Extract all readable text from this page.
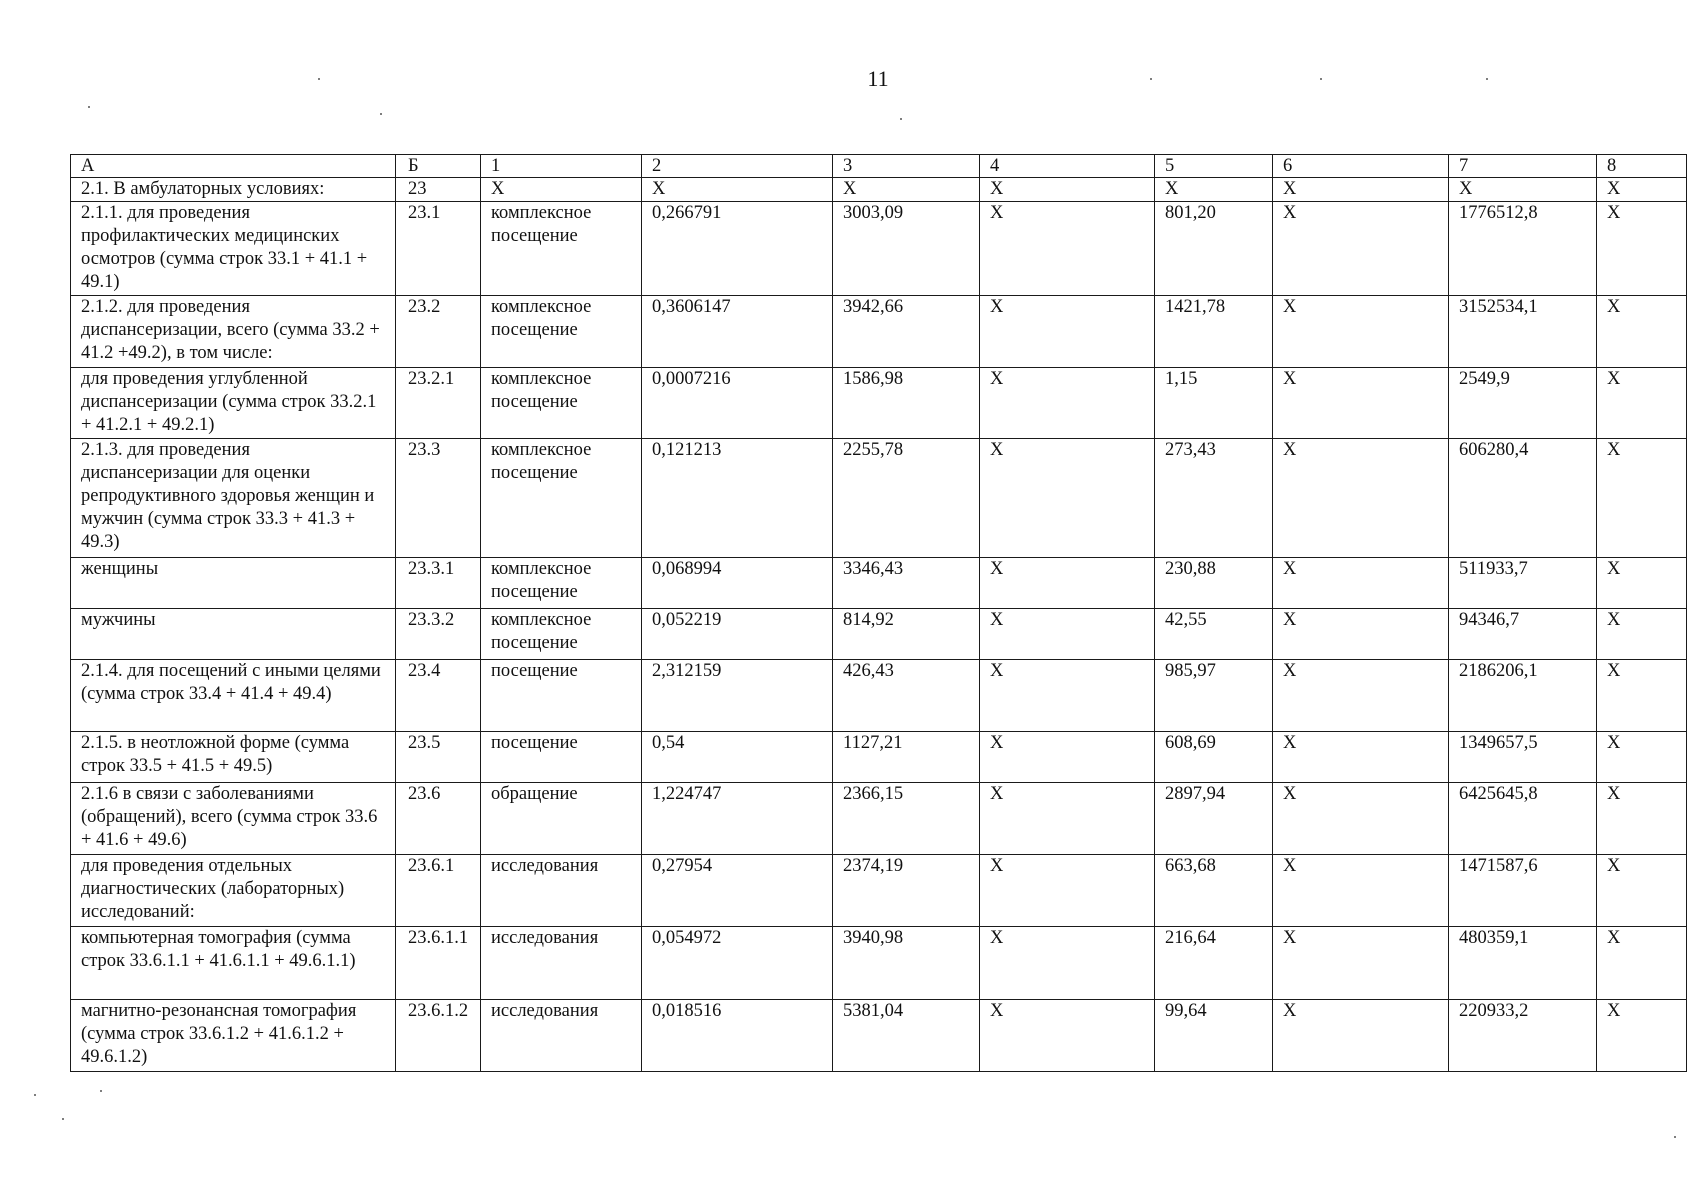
11
А	Б	1	2	3	4	5	6	7	8
2.1. В амбулаторных условиях:	23	Х	Х	Х	Х	Х	Х	Х	Х
2.1.1. для проведения профилактических медицинских осмотров (сумма строк 33.1 + 41.1 + 49.1)	23.1	комплексное посещение	0,266791	3003,09	Х	801,20	Х	1776512,8	Х
2.1.2. для проведения диспансеризации, всего (сумма 33.2 + 41.2 +49.2), в том числе:	23.2	комплексное посещение	0,3606147	3942,66	Х	1421,78	Х	3152534,1	Х
для проведения углубленной диспансеризации (сумма строк 33.2.1 + 41.2.1 + 49.2.1)	23.2.1	комплексное посещение	0,0007216	1586,98	Х	1,15	Х	2549,9	Х
2.1.3. для проведения диспансеризации для оценки репродуктивного здоровья женщин и мужчин (сумма строк 33.3 + 41.3 + 49.3)	23.3	комплексное посещение	0,121213	2255,78	Х	273,43	Х	606280,4	Х
женщины	23.3.1	комплексное посещение	0,068994	3346,43	Х	230,88	Х	511933,7	Х
мужчины	23.3.2	комплексное посещение	0,052219	814,92	Х	42,55	Х	94346,7	Х
2.1.4. для посещений с иными целями (сумма строк 33.4 + 41.4 + 49.4)	23.4	посещение	2,312159	426,43	Х	985,97	Х	2186206,1	Х
2.1.5. в неотложной форме (сумма строк 33.5 + 41.5 + 49.5)	23.5	посещение	0,54	1127,21	Х	608,69	Х	1349657,5	Х
2.1.6 в связи с заболеваниями (обращений), всего (сумма строк 33.6 + 41.6 + 49.6)	23.6	обращение	1,224747	2366,15	Х	2897,94	Х	6425645,8	Х
для проведения отдельных диагностических (лабораторных) исследований:	23.6.1	исследования	0,27954	2374,19	Х	663,68	Х	1471587,6	Х
компьютерная томография (сумма строк 33.6.1.1 + 41.6.1.1 + 49.6.1.1)	23.6.1.1	исследования	0,054972	3940,98	Х	216,64	Х	480359,1	Х
магнитно-резонансная томография (сумма строк 33.6.1.2 + 41.6.1.2 + 49.6.1.2)	23.6.1.2	исследования	0,018516	5381,04	Х	99,64	Х	220933,2	Х
